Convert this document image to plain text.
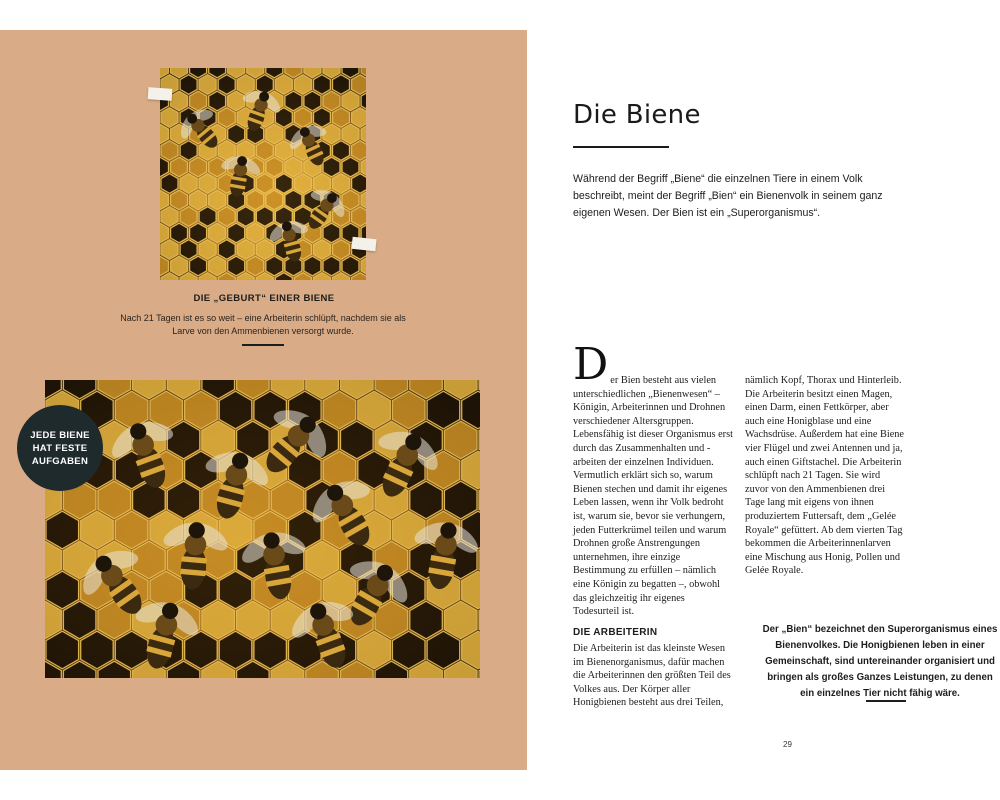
DIE „GEBURT“ EINER BIENE
Nach 21 Tagen ist es so weit – eine Arbeiterin schlüpft, nachdem sie als Larve von den Ammenbienen versorgt wurde.
JEDE BIENE
HAT FESTE
AUFGABEN
Die Biene
Während der Begriff „Biene“ die einzelnen Tiere in einem Volk beschreibt, meint der Begriff „Bien“ ein Bienenvolk in seinem ganz eigenen Wesen. Der Bien ist ein „Superorganismus“.
D er Bien besteht aus vielen unterschiedlichen „Bienenwesen“ – Königin, Arbeiterinnen und Drohnen verschiedener Altersgruppen. Lebensfähig ist dieser Organismus erst durch das Zusammenhalten und -arbeiten der einzelnen Individuen. Vermutlich erklärt sich so, warum Bienen stechen und damit ihr eigenes Leben lassen, wenn ihr Volk bedroht ist, warum sie, bevor sie verhungern, jeden Futterkrümel teilen und warum Drohnen große Anstrengungen unternehmen, ihre einzige Bestimmung zu erfüllen – nämlich eine Königin zu begatten –, obwohl das gleichzeitig ihr eigenes Todesurteil ist.

nämlich Kopf, Thorax und Hinterleib. Die Arbeiterin besitzt einen Magen, einen Darm, einen Fettkörper, aber auch eine Honigblase und eine Wachsdrüse. Außerdem hat eine Biene vier Flügel und zwei Antennen und ja, auch einen Giftstachel. Die Arbeiterin schlüpft nach 21 Tagen. Sie wird zuvor von den Ammenbienen drei Tage lang mit eigens von ihnen produziertem Futtersaft, dem „Gelée Royale“ gefüttert. Ab dem vierten Tag bekommen die Arbeiterinnenlarven eine Mischung aus Honig, Pollen und Gelée Royale.

DIE ARBEITERIN
Die Arbeiterin ist das kleinste Wesen im Bienenorganismus, dafür machen die Arbeiterinnen den größten Teil des Volkes aus. Der Körper aller Honigbienen besteht aus drei Teilen,
Der „Bien“ bezeichnet den Superorganismus eines Bienenvolkes. Die Honigbienen leben in einer Gemeinschaft, sind untereinander organisiert und bringen als großes Ganzes Leistungen, zu denen ein einzelnes Tier nicht fähig wäre.
29
